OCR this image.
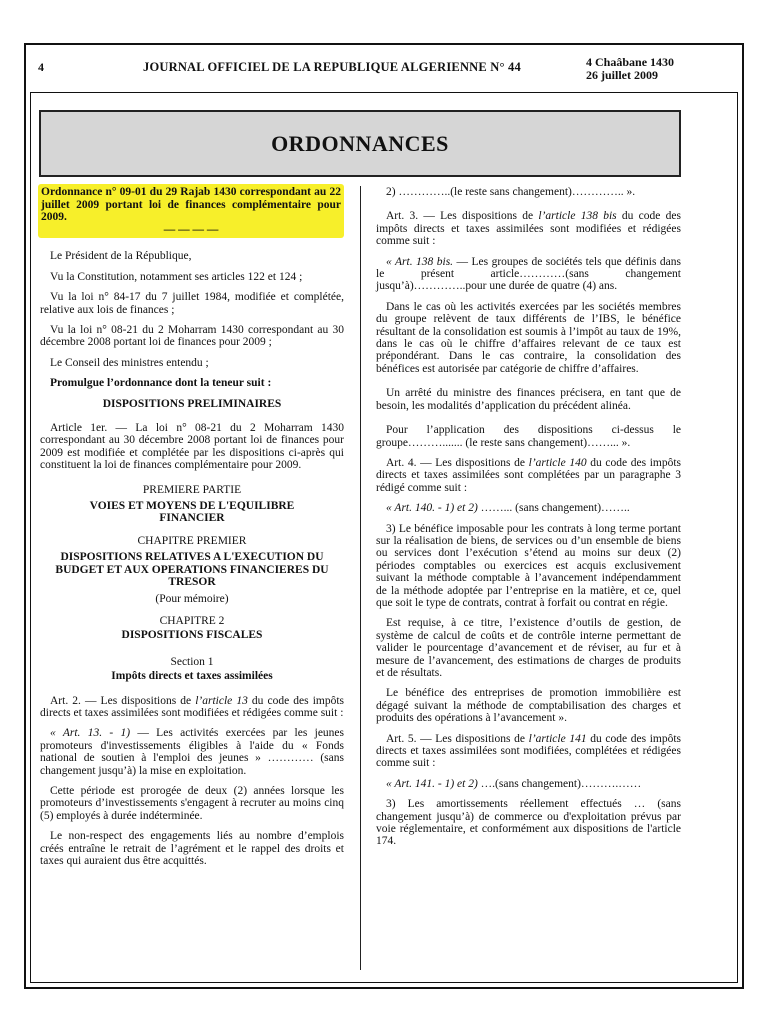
4	JOURNAL OFFICIEL DE LA REPUBLIQUE ALGERIENNE N° 44	4 Chaâbane 1430
26 juillet 2009
ORDONNANCES
Ordonnance n° 09-01 du 29 Rajab 1430 correspondant au 22 juillet 2009 portant loi de finances complémentaire pour 2009.
— — — —

Le Président de la République,

Vu la Constitution, notamment ses articles 122 et 124 ;

Vu la loi n° 84-17 du 7 juillet 1984, modifiée et complétée, relative aux lois de finances ;

Vu la loi n° 08-21 du 2 Moharram 1430 correspondant au 30 décembre 2008 portant loi de finances pour 2009 ;

Le Conseil des ministres entendu ;

Promulgue l’ordonnance dont la teneur suit :

DISPOSITIONS PRELIMINAIRES

Article 1er. — La loi n° 08-21 du 2 Moharram 1430 correspondant au 30 décembre 2008 portant loi de finances pour 2009 est modifiée et complétée par les dispositions ci-après qui constituent la loi de finances complémentaire pour 2009.

PREMIERE PARTIE

VOIES ET MOYENS DE L'EQUILIBRE FINANCIER

CHAPITRE PREMIER

DISPOSITIONS RELATIVES A L'EXECUTION DU BUDGET ET AUX OPERATIONS FINANCIERES DU TRESOR

(Pour mémoire)

CHAPITRE 2

DISPOSITIONS FISCALES

Section 1

Impôts directs et taxes assimilées

Art. 2. — Les dispositions de l’article 13 du code des impôts directs et taxes assimilées sont modifiées et rédigées comme suit :

« Art. 13. - 1) — Les activités exercées par les jeunes promoteurs d'investissements éligibles à l'aide du « Fonds national de soutien à l'emploi des jeunes » ………… (sans changement jusqu’à) la mise en exploitation.

Cette période est prorogée de deux (2) années lorsque les promoteurs d’investissements s'engagent à recruter au moins cinq (5) employés à durée indéterminée.

Le non-respect des engagements liés au nombre d’emplois créés entraîne le retrait de l’agrément et le rappel des droits et taxes qui auraient dus être acquittés.

2) …………..(le reste sans changement)………….. ».

Art. 3. — Les dispositions de l’article 138 bis du code des impôts directs et taxes assimilées sont modifiées et rédigées comme suit :

« Art. 138 bis. — Les groupes de sociétés tels que définis dans le présent article…………(sans changement jusqu’à)…………..pour une durée de quatre (4) ans.

Dans le cas où les activités exercées par les sociétés membres du groupe relèvent de taux différents de l’IBS, le bénéfice résultant de la consolidation est soumis à l’impôt au taux de 19%, dans le cas où le chiffre d’affaires relevant de ce taux est prépondérant. Dans le cas contraire, la consolidation des bénéfices est autorisée par catégorie de chiffre d’affaires.

Un arrêté du ministre des finances précisera, en tant que de besoin, les modalités d’application du précédent alinéa.

Pour l’application des dispositions ci-dessus le groupe………....... (le reste sans changement)……... ».

Art. 4. — Les dispositions de l’article 140 du code des impôts directs et taxes assimilées sont complétées par un paragraphe 3 rédigé comme suit :

« Art. 140. - 1) et 2) ……... (sans changement)……..

3) Le bénéfice imposable pour les contrats à long terme portant sur la réalisation de biens, de services ou d’un ensemble de biens ou services dont l’exécution s’étend au moins sur deux (2) périodes comptables ou exercices est acquis exclusivement suivant la méthode comptable à l’avancement indépendamment de la méthode adoptée par l’entreprise en la matière, et ce, quel que soit le type de contrats, contrat à forfait ou contrat en régie.

Est requise, à ce titre, l’existence d’outils de gestion, de système de calcul de coûts et de contrôle interne permettant de valider le pourcentage d’avancement et de réviser, au fur et à mesure de l’avancement, des estimations de charges de produits et de résultats.

Le bénéfice des entreprises de promotion immobilière est dégagé suivant la méthode de comptabilisation des charges et produits des opérations à l’avancement ».

Art. 5. — Les dispositions de l’article 141 du code des impôts directs et taxes assimilées sont modifiées, complétées et rédigées comme suit :

« Art. 141. - 1) et 2) ….(sans changement)……….……

3) Les amortissements réellement effectués … (sans changement jusqu’à) de commerce ou d'exploitation prévus par voie réglementaire, et conformément aux dispositions de l'article 174.
